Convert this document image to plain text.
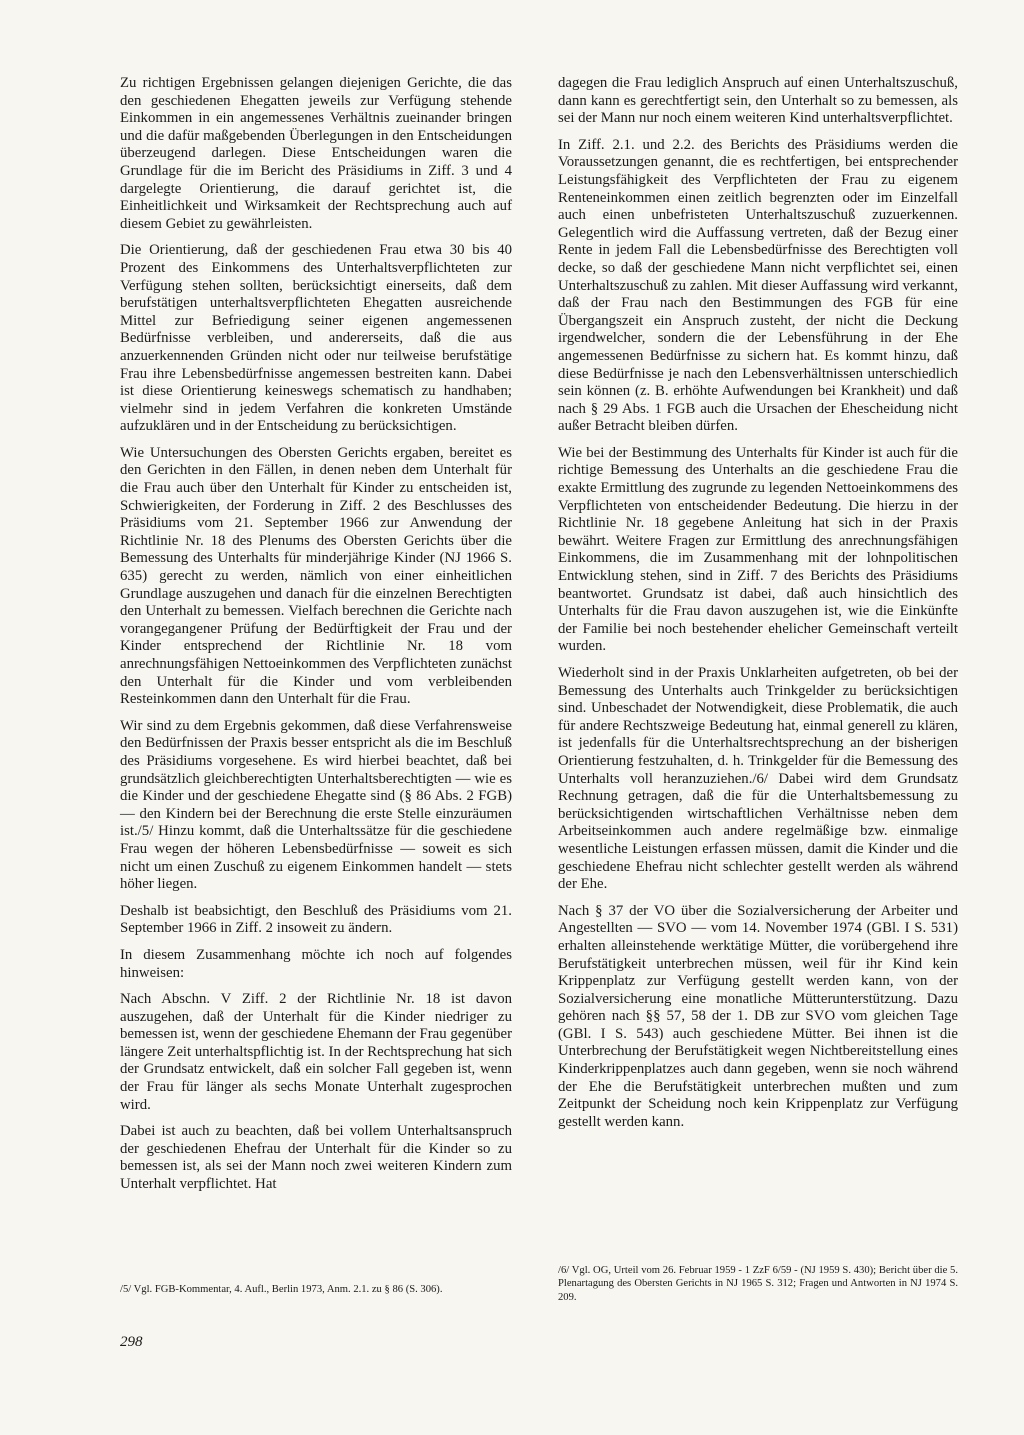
Zu richtigen Ergebnissen gelangen diejenigen Gerichte, die das den geschiedenen Ehegatten jeweils zur Verfügung stehende Einkommen in ein angemessenes Verhältnis zueinander bringen und die dafür maßgebenden Überlegungen in den Entscheidungen überzeugend darlegen. Diese Entscheidungen waren die Grundlage für die im Bericht des Präsidiums in Ziff. 3 und 4 dargelegte Orientierung, die darauf gerichtet ist, die Einheitlichkeit und Wirksamkeit der Rechtsprechung auch auf diesem Gebiet zu gewährleisten.

Die Orientierung, daß der geschiedenen Frau etwa 30 bis 40 Prozent des Einkommens des Unterhaltsverpflichteten zur Verfügung stehen sollten, berücksichtigt einerseits, daß dem berufstätigen unterhaltsverpflichteten Ehegatten ausreichende Mittel zur Befriedigung seiner eigenen angemessenen Bedürfnisse verbleiben, und andererseits, daß die aus anzuerkennenden Gründen nicht oder nur teilweise berufstätige Frau ihre Lebensbedürfnisse angemessen bestreiten kann. Dabei ist diese Orientierung keineswegs schematisch zu handhaben; vielmehr sind in jedem Verfahren die konkreten Umstände aufzuklären und in der Entscheidung zu berücksichtigen.

Wie Untersuchungen des Obersten Gerichts ergaben, bereitet es den Gerichten in den Fällen, in denen neben dem Unterhalt für die Frau auch über den Unterhalt für Kinder zu entscheiden ist, Schwierigkeiten, der Forderung in Ziff. 2 des Beschlusses des Präsidiums vom 21. September 1966 zur Anwendung der Richtlinie Nr. 18 des Plenums des Obersten Gerichts über die Bemessung des Unterhalts für minderjährige Kinder (NJ 1966 S. 635) gerecht zu werden, nämlich von einer einheitlichen Grundlage auszugehen und danach für die einzelnen Berechtigten den Unterhalt zu bemessen. Vielfach berechnen die Gerichte nach vorangegangener Prüfung der Bedürftigkeit der Frau und der Kinder entsprechend der Richtlinie Nr. 18 vom anrechnungsfähigen Nettoeinkommen des Verpflichteten zunächst den Unterhalt für die Kinder und vom verbleibenden Resteinkommen dann den Unterhalt für die Frau.

Wir sind zu dem Ergebnis gekommen, daß diese Verfahrensweise den Bedürfnissen der Praxis besser entspricht als die im Beschluß des Präsidiums vorgesehene. Es wird hierbei beachtet, daß bei grundsätzlich gleichberechtigten Unterhaltsberechtigten — wie es die Kinder und der geschiedene Ehegatte sind (§ 86 Abs. 2 FGB) — den Kindern bei der Berechnung die erste Stelle einzuräumen ist./5/ Hinzu kommt, daß die Unterhaltssätze für die geschiedene Frau wegen der höheren Lebensbedürfnisse — soweit es sich nicht um einen Zuschuß zu eigenem Einkommen handelt — stets höher liegen.

Deshalb ist beabsichtigt, den Beschluß des Präsidiums vom 21. September 1966 in Ziff. 2 insoweit zu ändern.

In diesem Zusammenhang möchte ich noch auf folgendes hinweisen:

Nach Abschn. V Ziff. 2 der Richtlinie Nr. 18 ist davon auszugehen, daß der Unterhalt für die Kinder niedriger zu bemessen ist, wenn der geschiedene Ehemann der Frau gegenüber längere Zeit unterhaltspflichtig ist. In der Rechtsprechung hat sich der Grundsatz entwickelt, daß ein solcher Fall gegeben ist, wenn der Frau für länger als sechs Monate Unterhalt zugesprochen wird.

Dabei ist auch zu beachten, daß bei vollem Unterhaltsanspruch der geschiedenen Ehefrau der Unterhalt für die Kinder so zu bemessen ist, als sei der Mann noch zwei weiteren Kindern zum Unterhalt verpflichtet. Hat

dagegen die Frau lediglich Anspruch auf einen Unterhaltszuschuß, dann kann es gerechtfertigt sein, den Unterhalt so zu bemessen, als sei der Mann nur noch einem weiteren Kind unterhaltsverpflichtet.

In Ziff. 2.1. und 2.2. des Berichts des Präsidiums werden die Voraussetzungen genannt, die es rechtfertigen, bei entsprechender Leistungsfähigkeit des Verpflichteten der Frau zu eigenem Renteneinkommen einen zeitlich begrenzten oder im Einzelfall auch einen unbefristeten Unterhaltszuschuß zuzuerkennen. Gelegentlich wird die Auffassung vertreten, daß der Bezug einer Rente in jedem Fall die Lebensbedürfnisse des Berechtigten voll decke, so daß der geschiedene Mann nicht verpflichtet sei, einen Unterhaltszuschuß zu zahlen. Mit dieser Auffassung wird verkannt, daß der Frau nach den Bestimmungen des FGB für eine Übergangszeit ein Anspruch zusteht, der nicht die Deckung irgendwelcher, sondern die der Lebensführung in der Ehe angemessenen Bedürfnisse zu sichern hat. Es kommt hinzu, daß diese Bedürfnisse je nach den Lebensverhältnissen unterschiedlich sein können (z. B. erhöhte Aufwendungen bei Krankheit) und daß nach § 29 Abs. 1 FGB auch die Ursachen der Ehescheidung nicht außer Betracht bleiben dürfen.

Wie bei der Bestimmung des Unterhalts für Kinder ist auch für die richtige Bemessung des Unterhalts an die geschiedene Frau die exakte Ermittlung des zugrunde zu legenden Nettoeinkommens des Verpflichteten von entscheidender Bedeutung. Die hierzu in der Richtlinie Nr. 18 gegebene Anleitung hat sich in der Praxis bewährt. Weitere Fragen zur Ermittlung des anrechnungsfähigen Einkommens, die im Zusammenhang mit der lohnpolitischen Entwicklung stehen, sind in Ziff. 7 des Berichts des Präsidiums beantwortet. Grundsatz ist dabei, daß auch hinsichtlich des Unterhalts für die Frau davon auszugehen ist, wie die Einkünfte der Familie bei noch bestehender ehelicher Gemeinschaft verteilt wurden.

Wiederholt sind in der Praxis Unklarheiten aufgetreten, ob bei der Bemessung des Unterhalts auch Trinkgelder zu berücksichtigen sind. Unbeschadet der Notwendigkeit, diese Problematik, die auch für andere Rechtszweige Bedeutung hat, einmal generell zu klären, ist jedenfalls für die Unterhaltsrechtsprechung an der bisherigen Orientierung festzuhalten, d. h. Trinkgelder für die Bemessung des Unterhalts voll heranzuziehen./6/ Dabei wird dem Grundsatz Rechnung getragen, daß die für die Unterhaltsbemessung zu berücksichtigenden wirtschaftlichen Verhältnisse neben dem Arbeitseinkommen auch andere regelmäßige bzw. einmalige wesentliche Leistungen erfassen müssen, damit die Kinder und die geschiedene Ehefrau nicht schlechter gestellt werden als während der Ehe.

Nach § 37 der VO über die Sozialversicherung der Arbeiter und Angestellten — SVO — vom 14. November 1974 (GBl. I S. 531) erhalten alleinstehende werktätige Mütter, die vorübergehend ihre Berufstätigkeit unterbrechen müssen, weil für ihr Kind kein Krippenplatz zur Verfügung gestellt werden kann, von der Sozialversicherung eine monatliche Mütterunterstützung. Dazu gehören nach §§ 57, 58 der 1. DB zur SVO vom gleichen Tage (GBl. I S. 543) auch geschiedene Mütter. Bei ihnen ist die Unterbrechung der Berufstätigkeit wegen Nichtbereitstellung eines Kinderkrippenplatzes auch dann gegeben, wenn sie noch während der Ehe die Berufstätigkeit unterbrechen mußten und zum Zeitpunkt der Scheidung noch kein Krippenplatz zur Verfügung gestellt werden kann.

/5/ Vgl. FGB-Kommentar, 4. Aufl., Berlin 1973, Anm. 2.1. zu § 86 (S. 306).

/6/ Vgl. OG, Urteil vom 26. Februar 1959 - 1 ZzF 6/59 - (NJ 1959 S. 430); Bericht über die 5. Plenartagung des Obersten Gerichts in NJ 1965 S. 312; Fragen und Antworten in NJ 1974 S. 209.

298
